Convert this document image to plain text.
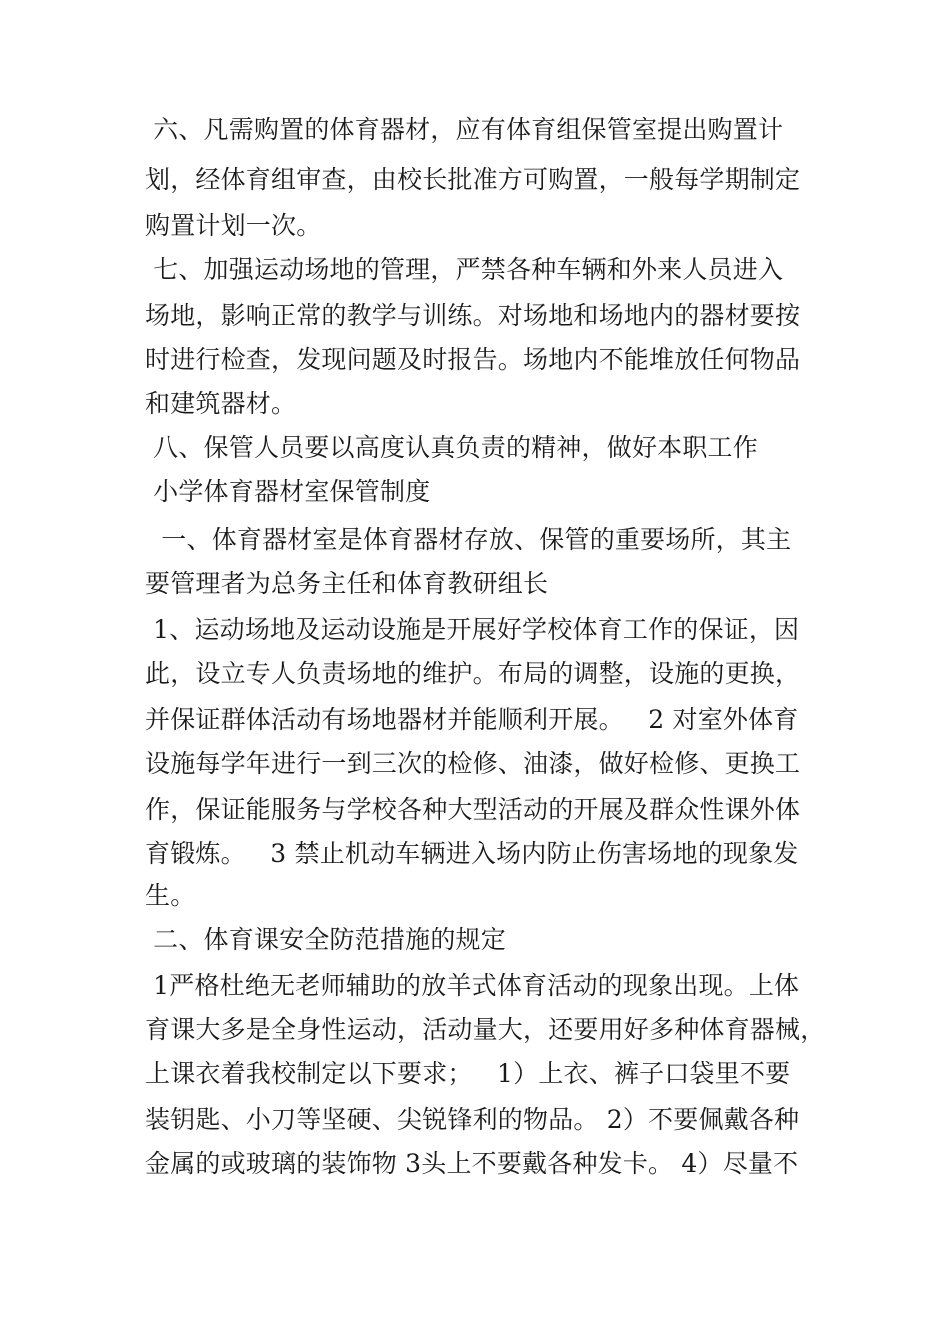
六、凡需购置的体育器材，应有体育组保管室提出购置计
划，经体育组审查，由校长批准方可购置，一般每学期制定
购置计划一次。
七、加强运动场地的管理，严禁各种车辆和外来人员进入
场地，影响正常的教学与训练。对场地和场地内的器材要按
时进行检查，发现问题及时报告。场地内不能堆放任何物品
和建筑器材。
八、保管人员要以高度认真负责的精神，做好本职工作
小学体育器材室保管制度
一、体育器材室是体育器材存放、保管的重要场所，其主
要管理者为总务主任和体育教研组长
1、运动场地及运动设施是开展好学校体育工作的保证，因
此，设立专人负责场地的维护。布局的调整，设施的更换，
并保证群体活动有场地器材并能顺利开展。   2 对室外体育
设施每学年进行一到三次的检修、油漆，做好检修、更换工
作，保证能服务与学校各种大型活动的开展及群众性课外体
育锻炼。   3 禁止机动车辆进入场内防止伤害场地的现象发
生。
二、体育课安全防范措施的规定
1严格杜绝无老师辅助的放羊式体育活动的现象出现。上体
育课大多是全身性运动，活动量大，还要用好多种体育器械，
上课衣着我校制定以下要求；   1）上衣、裤子口袋里不要
装钥匙、小刀等坚硬、尖锐锋利的物品。 2）不要佩戴各种
金属的或玻璃的装饰物 3头上不要戴各种发卡。 4）尽量不
